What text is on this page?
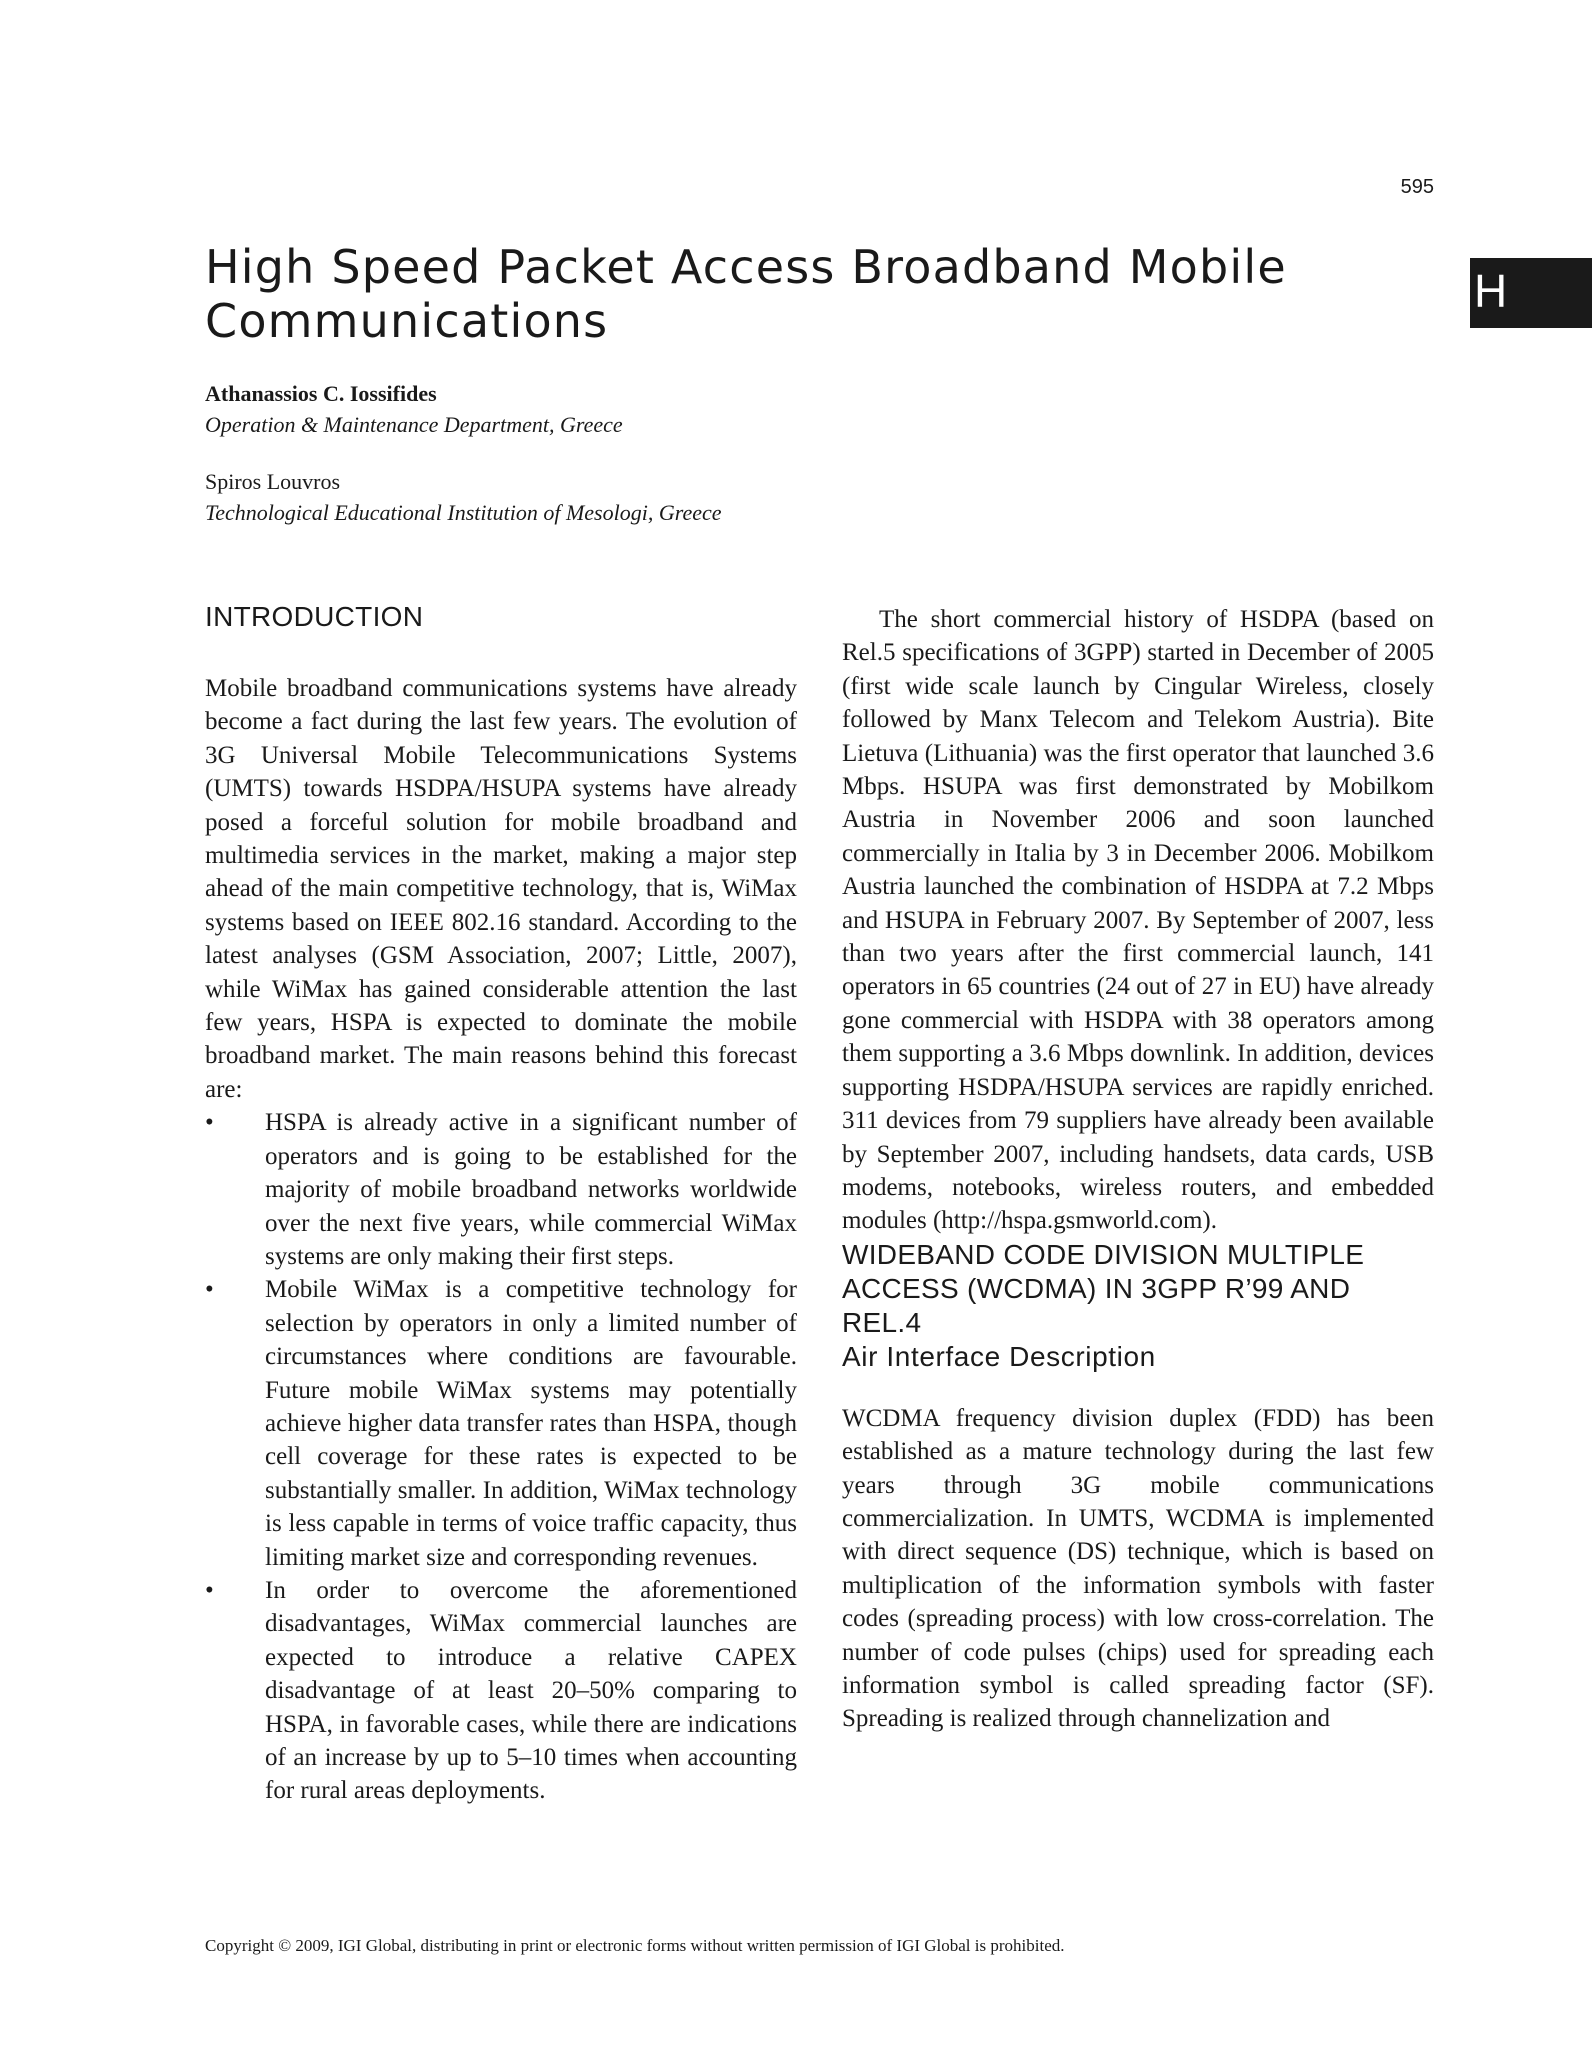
595
H
High Speed Packet Access Broadband Mobile Communications
Athanassios C. Iossifides
Operation & Maintenance Department, Greece
Spiros Louvros
Technological Educational Institution of Mesologi, Greece
INTRODUCTION

Mobile broadband communications systems have already become a fact during the last few years. The evolution of 3G Universal Mobile Telecommunications Systems (UMTS) towards HSDPA/HSUPA systems have already posed a forceful solution for mobile broadband and multimedia services in the market, making a major step ahead of the main competitive technology, that is, WiMax systems based on IEEE 802.16 standard. According to the latest analyses (GSM Association, 2007; Little, 2007), while WiMax has gained considerable attention the last few years, HSPA is expected to dominate the mobile broadband market. The main reasons behind this forecast are:

• HSPA is already active in a significant number of operators and is going to be established for the majority of mobile broadband networks worldwide over the next five years, while commercial WiMax systems are only making their first steps.
• Mobile WiMax is a competitive technology for selection by operators in only a limited number of circumstances where conditions are favourable. Future mobile WiMax systems may potentially achieve higher data transfer rates than HSPA, though cell coverage for these rates is expected to be substantially smaller. In addition, WiMax technology is less capable in terms of voice traffic capacity, thus limiting market size and corresponding revenues.
• In order to overcome the aforementioned disadvantages, WiMax commercial launches are expected to introduce a relative CAPEX disadvantage of at least 20–50% comparing to HSPA, in favorable cases, while there are indications of an increase by up to 5–10 times when accounting for rural areas deployments.

The short commercial history of HSDPA (based on Rel.5 specifications of 3GPP) started in December of 2005 (first wide scale launch by Cingular Wireless, closely followed by Manx Telecom and Telekom Austria). Bite Lietuva (Lithuania) was the first operator that launched 3.6 Mbps. HSUPA was first demonstrated by Mobilkom Austria in November 2006 and soon launched commercially in Italia by 3 in December 2006. Mobilkom Austria launched the combination of HSDPA at 7.2 Mbps and HSUPA in February 2007. By September of 2007, less than two years after the first commercial launch, 141 operators in 65 countries (24 out of 27 in EU) have already gone commercial with HSDPA with 38 operators among them supporting a 3.6 Mbps downlink. In addition, devices supporting HSDPA/HSUPA services are rapidly enriched. 311 devices from 79 suppliers have already been available by September 2007, including handsets, data cards, USB modems, notebooks, wireless routers, and embedded modules (http://hspa.gsmworld.com).

WIDEBAND CODE DIVISION MULTIPLE ACCESS (WCDMA) IN 3GPP R’99 AND REL.4
Air Interface Description

WCDMA frequency division duplex (FDD) has been established as a mature technology during the last few years through 3G mobile communications commercialization. In UMTS, WCDMA is implemented with direct sequence (DS) technique, which is based on multiplication of the information symbols with faster codes (spreading process) with low cross-correlation. The number of code pulses (chips) used for spreading each information symbol is called spreading factor (SF). Spreading is realized through channelization and

Copyright © 2009, IGI Global, distributing in print or electronic forms without written permission of IGI Global is prohibited.
